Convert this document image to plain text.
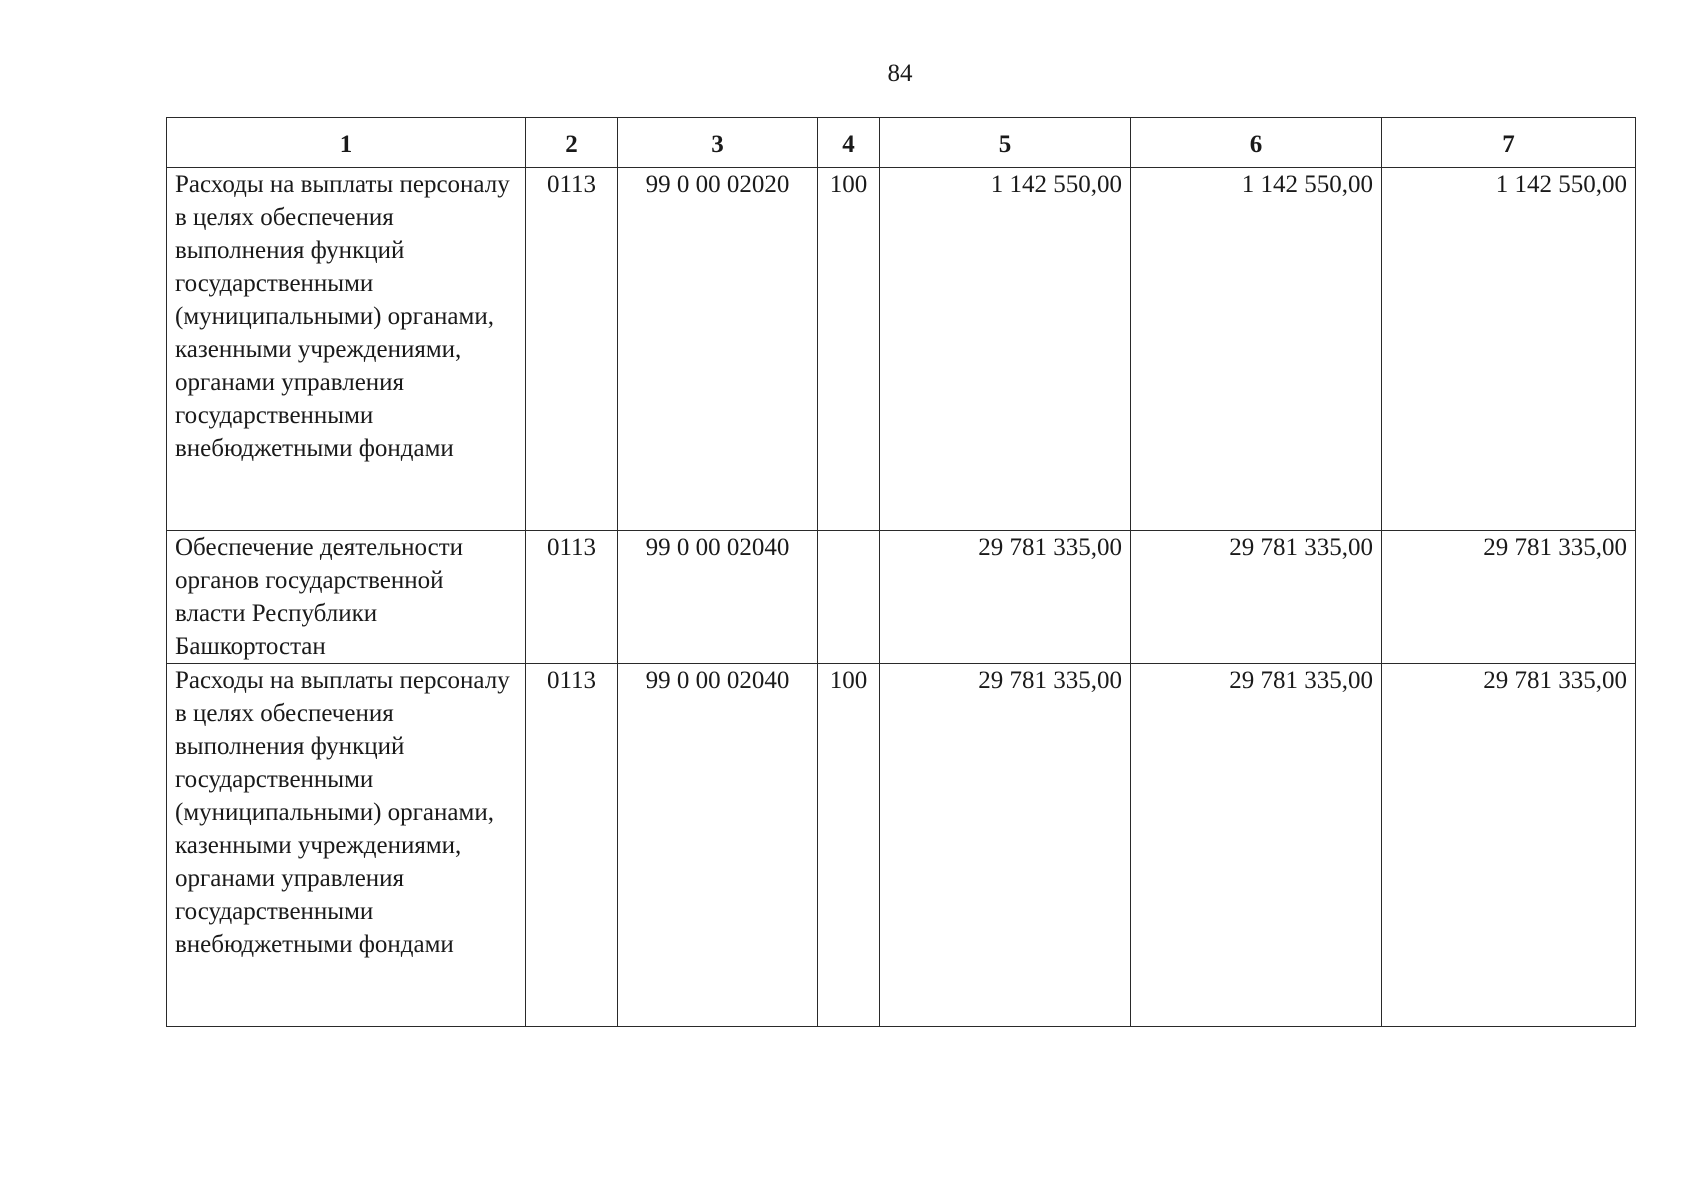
84
1	2	3	4	5	6	7
Расходы на выплаты персоналу в целях обеспечения выполнения функций государственными (муниципальными) органами, казенными учреждениями, органами управления государственными внебюджетными фондами	0113	99 0 00 02020	100	1 142 550,00	1 142 550,00	1 142 550,00
Обеспечение деятельности органов государственной власти Республики Башкортостан	0113	99 0 00 02040		29 781 335,00	29 781 335,00	29 781 335,00
Расходы на выплаты персоналу в целях обеспечения выполнения функций государственными (муниципальными) органами, казенными учреждениями, органами управления государственными внебюджетными фондами	0113	99 0 00 02040	100	29 781 335,00	29 781 335,00	29 781 335,00
